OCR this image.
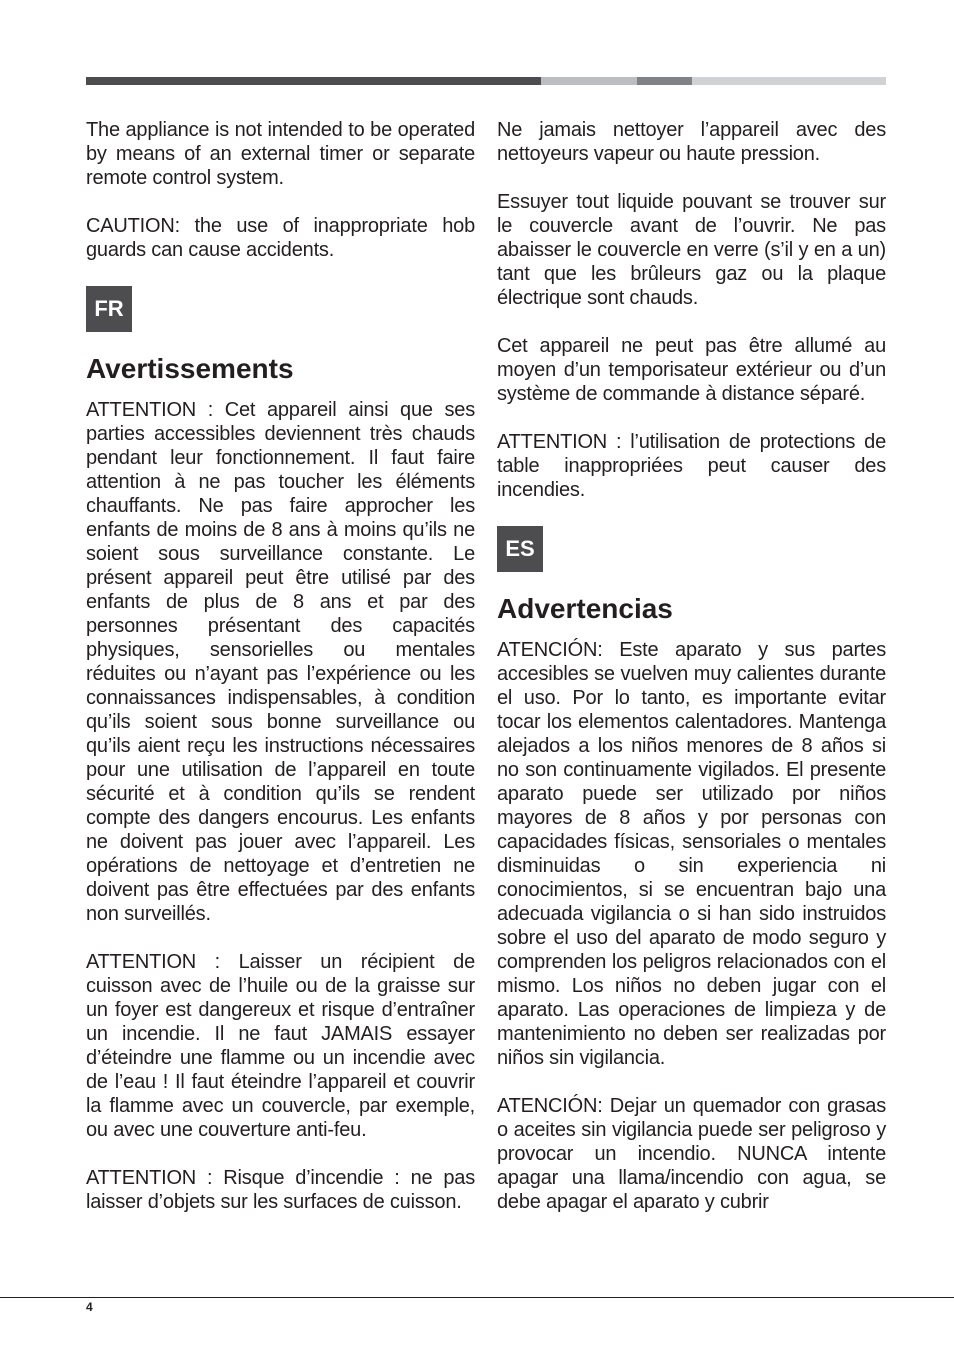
The appliance is not intended to be operated by means of an external timer or separate remote control system.

CAUTION: the use of inappropriate hob guards can cause accidents.

FR
Avertissements

ATTENTION : Cet appareil ainsi que ses parties accessibles deviennent très chauds pendant leur fonctionnement. Il faut faire attention à ne pas toucher les éléments chauffants. Ne pas faire approcher les enfants de moins de 8 ans à moins qu’ils ne soient sous surveillance constante. Le présent appareil peut être utilisé par des enfants de plus de 8 ans et par des personnes présentant des capacités physiques, sensorielles ou mentales réduites ou n’ayant pas l’expérience ou les connaissances indispensables, à condition qu’ils soient sous bonne surveillance ou qu’ils aient reçu les instructions nécessaires pour une utilisation de l’appareil en toute sécurité et à condition qu’ils se rendent compte des dangers encourus. Les enfants ne doivent pas jouer avec l’appareil. Les opérations de nettoyage et d’entretien ne doivent pas être effectuées par des enfants non surveillés.

ATTENTION : Laisser un récipient de cuisson avec de l’huile ou de la graisse sur un foyer est dangereux et risque d’entraîner un incendie. Il ne faut JAMAIS essayer d’éteindre une flamme ou un incendie avec de l’eau ! Il faut éteindre l’appareil et couvrir la flamme avec un couvercle, par exemple, ou avec une couverture anti-feu.

ATTENTION : Risque d’incendie : ne pas laisser d’objets sur les surfaces de cuisson.

Ne jamais nettoyer l’appareil avec des nettoyeurs vapeur ou haute pression.

Essuyer tout liquide pouvant se trouver sur le couvercle avant de l’ouvrir. Ne pas abaisser le couvercle en verre (s’il y en a un) tant que les brûleurs gaz ou la plaque électrique sont chauds.

Cet appareil ne peut pas être allumé au moyen d’un temporisateur extérieur ou d’un système de commande à distance séparé.

ATTENTION : l’utilisation de protections de table inappropriées peut causer des incendies.

ES
Advertencias

ATENCIÓN: Este aparato y sus partes accesibles se vuelven muy calientes durante el uso. Por lo tanto, es importante evitar tocar los elementos calentadores. Mantenga alejados a los niños menores de 8 años si no son continuamente vigilados. El presente aparato puede ser utilizado por niños mayores de 8 años y por personas con capacidades físicas, sensoriales o mentales disminuidas o sin experiencia ni conocimientos, si se encuentran bajo una adecuada vigilancia o si han sido instruidos sobre el uso del aparato de modo seguro y comprenden los peligros relacionados con el mismo. Los niños no deben jugar con el aparato. Las operaciones de limpieza y de mantenimiento no deben ser realizadas por niños sin vigilancia.

ATENCIÓN: Dejar un quemador con grasas o aceites sin vigilancia puede ser peligroso y provocar un incendio. NUNCA intente apagar una llama/incendio con agua, se debe apagar el aparato y cubrir

4
